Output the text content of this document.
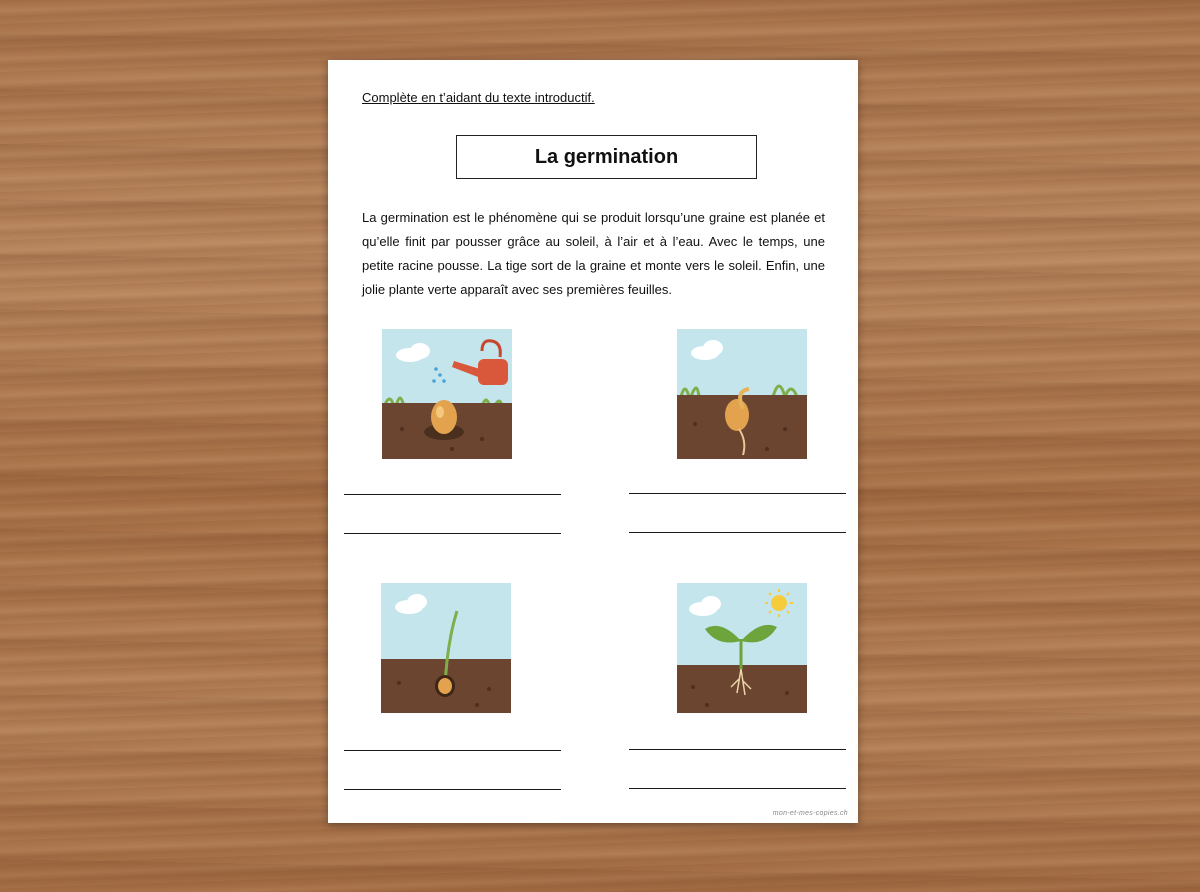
Complète en t’aidant du texte introductif.
La germination

La germination est le phénomène qui se produit lorsqu’une graine est planée et qu’elle finit par pousser grâce au soleil, à l’air et à l’eau. Avec le temps, une petite racine pousse. La tige sort de la graine et monte vers le soleil. Enfin, une jolie plante verte apparaît avec ses premières feuilles.

mon-et-mes-copies.ch
